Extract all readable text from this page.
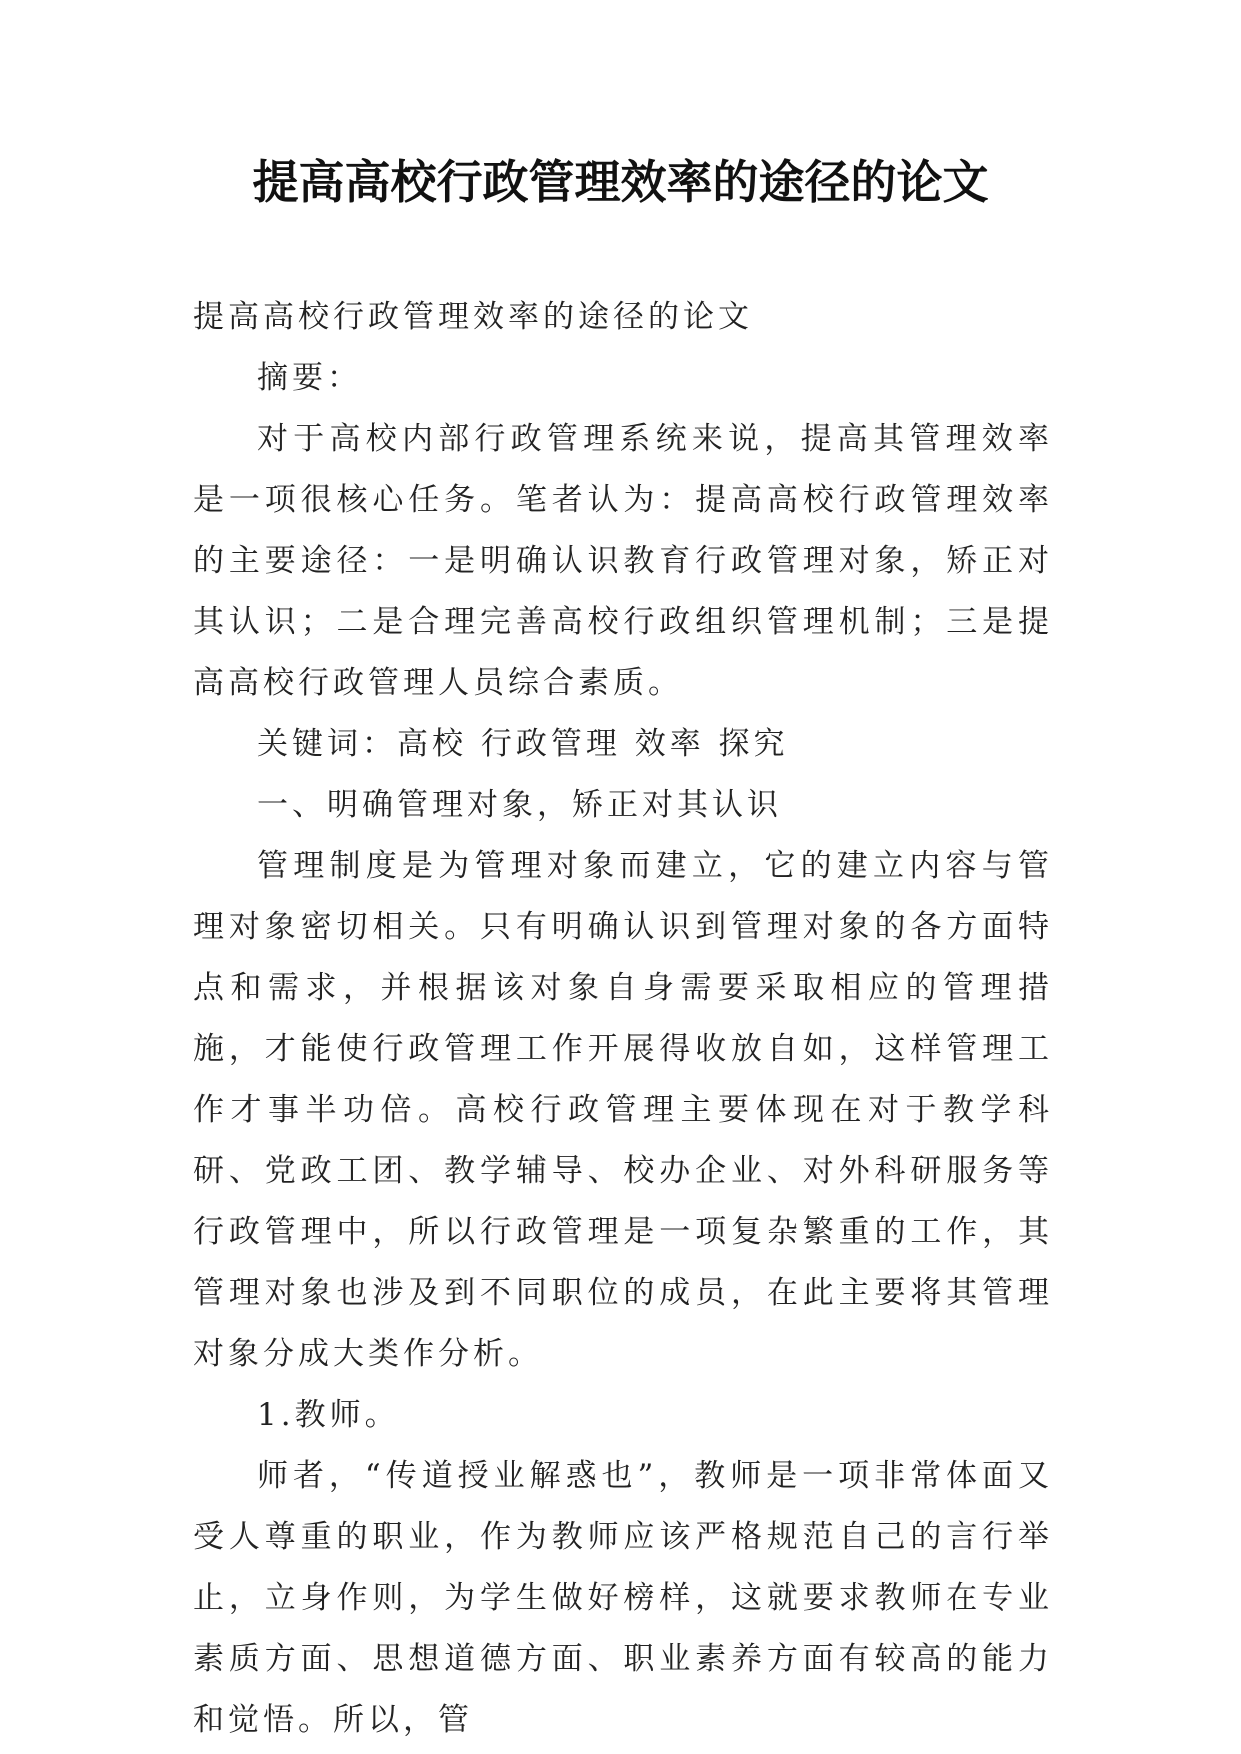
提高高校行政管理效率的途径的论文

提高高校行政管理效率的途径的论文

摘要：

对于高校内部行政管理系统来说，提高其管理效率是一项很核心任务。笔者认为：提高高校行政管理效率的主要途径：一是明确认识教育行政管理对象，矫正对其认识；二是合理完善高校行政组织管理机制；三是提高高校行政管理人员综合素质。

关键词：高校 行政管理 效率 探究

一、明确管理对象，矫正对其认识

管理制度是为管理对象而建立，它的建立内容与管理对象密切相关。只有明确认识到管理对象的各方面特点和需求，并根据该对象自身需要采取相应的管理措施，才能使行政管理工作开展得收放自如，这样管理工作才事半功倍。高校行政管理主要体现在对于教学科研、党政工团、教学辅导、校办企业、对外科研服务等行政管理中，所以行政管理是一项复杂繁重的工作，其管理对象也涉及到不同职位的成员，在此主要将其管理对象分成大类作分析。

1.教师。

师者，“传道授业解惑也”，教师是一项非常体面又受人尊重的职业，作为教师应该严格规范自己的言行举止，立身作则，为学生做好榜样，这就要求教师在专业素质方面、思想道德方面、职业素养方面有较高的能力和觉悟。所以，管
